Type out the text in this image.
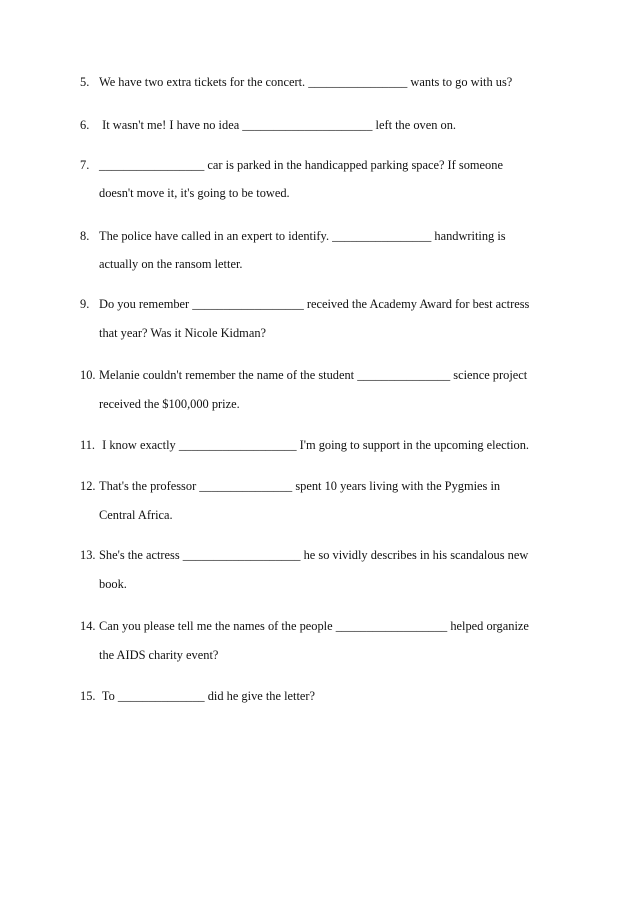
5. We have two extra tickets for the concert. ________________ wants to go with us?
6. It wasn't me! I have no idea _____________________ left the oven on.
7. _________________ car is parked in the handicapped parking space? If someone
doesn't move it, it's going to be towed.
8. The police have called in an expert to identify. ________________ handwriting is
actually on the ransom letter.
9. Do you remember __________________ received the Academy Award for best actress
that year? Was it Nicole Kidman?
10. Melanie couldn't remember the name of the student _______________ science project
received the $100,000 prize.
11. I know exactly ___________________ I'm going to support in the upcoming election.
12. That's the professor _______________ spent 10 years living with the Pygmies in
Central Africa.
13. She's the actress ___________________ he so vividly describes in his scandalous new
book.
14. Can you please tell me the names of the people __________________ helped organize
the AIDS charity event?
15. To ______________ did he give the letter?
